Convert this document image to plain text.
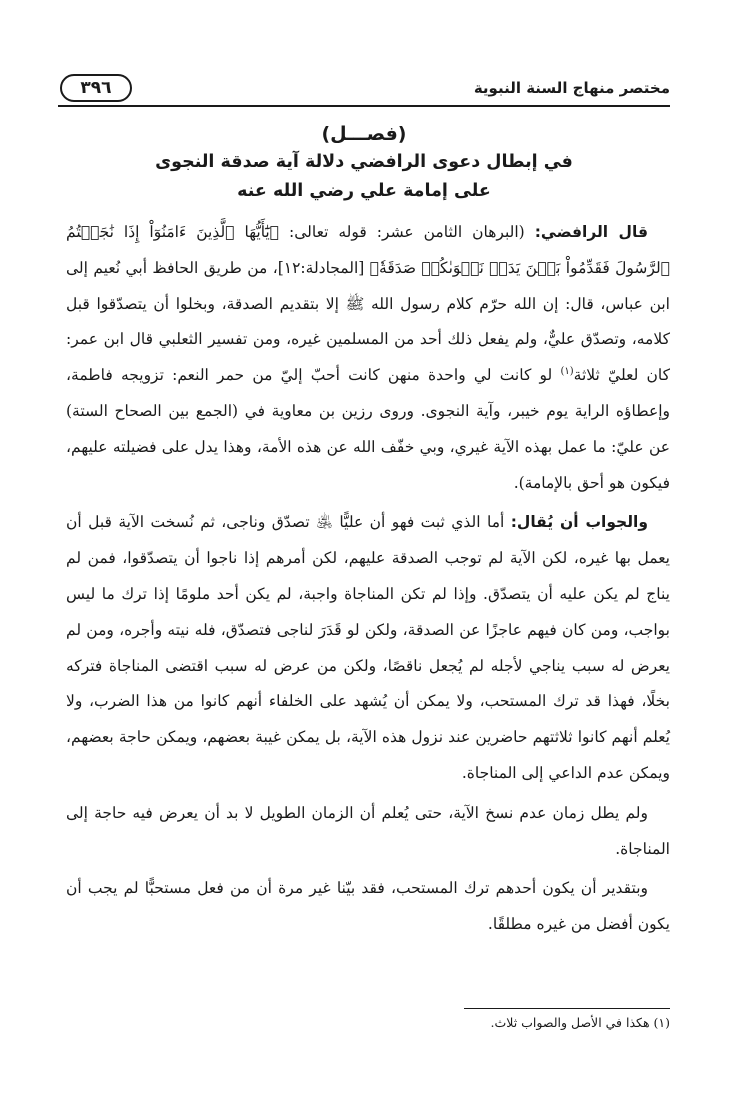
٣٩٦	مختصر منهاج السنة النبوية
(فصـــل)
في إبطال دعوى الرافضي دلالة آية صدقة النجوى
على إمامة علي رضي الله عنه

قال الرافضي: (البرهان الثامن عشر: قوله تعالى: ﴿يَٰٓأَيُّهَا ٱلَّذِينَ ءَامَنُوٓاْ إِذَا نَٰجَيۡتُمُ ٱلرَّسُولَ فَقَدِّمُواْ بَيۡنَ يَدَيۡ نَجۡوَىٰكُمۡ صَدَقَةٗ﴾ [المجادلة:١٢]، من طريق الحافظ أبي نُعيم إلى ابن عباس، قال: إن الله حرّم كلام رسول الله ﷺ إلا بتقديم الصدقة، وبخلوا أن يتصدّقوا قبل كلامه، وتصدّق عليٌّ، ولم يفعل ذلك أحد من المسلمين غيره، ومن تفسير الثعلبي قال ابن عمر: كان لعليّ ثلاثة$^{(١)}$ لو كانت لي واحدة منهن كانت أحبّ إليّ من حمر النعم: تزويجه فاطمة، وإعطاؤه الراية يوم خيبر، وآية النجوى. وروى رزين بن معاوية في (الجمع بين الصحاح الستة) عن عليّ: ما عمل بهذه الآية غيري، وبي خفّف الله عن هذه الأمة، وهذا يدل على فضيلته عليهم، فيكون هو أحق بالإمامة).

والجواب أن يُقال: أما الذي ثبت فهو أن عليًّا ﵁ تصدّق وناجى، ثم نُسخت الآية قبل أن يعمل بها غيره، لكن الآية لم توجب الصدقة عليهم، لكن أمرهم إذا ناجوا أن يتصدّقوا، فمن لم يناج لم يكن عليه أن يتصدّق. وإذا لم تكن المناجاة واجبة، لم يكن أحد ملومًا إذا ترك ما ليس بواجب، ومن كان فيهم عاجزًا عن الصدقة، ولكن لو قَدَرَ لناجى فتصدّق، فله نيته وأجره، ومن لم يعرض له سبب يناجي لأجله لم يُجعل ناقصًا، ولكن من عرض له سبب اقتضى المناجاة فتركه بخلًا، فهذا قد ترك المستحب، ولا يمكن أن يُشهد على الخلفاء أنهم كانوا من هذا الضرب، ولا يُعلم أنهم كانوا ثلاثتهم حاضرين عند نزول هذه الآية، بل يمكن غيبة بعضهم، ويمكن حاجة بعضهم، ويمكن عدم الداعي إلى المناجاة.

ولم يطل زمان عدم نسخ الآية، حتى يُعلم أن الزمان الطويل لا بد أن يعرض فيه حاجة إلى المناجاة.

وبتقدير أن يكون أحدهم ترك المستحب، فقد بيّنا غير مرة أن من فعل مستحبًّا لم يجب أن يكون أفضل من غيره مطلقًا.

(١) هكذا في الأصل والصواب ثلاث.
